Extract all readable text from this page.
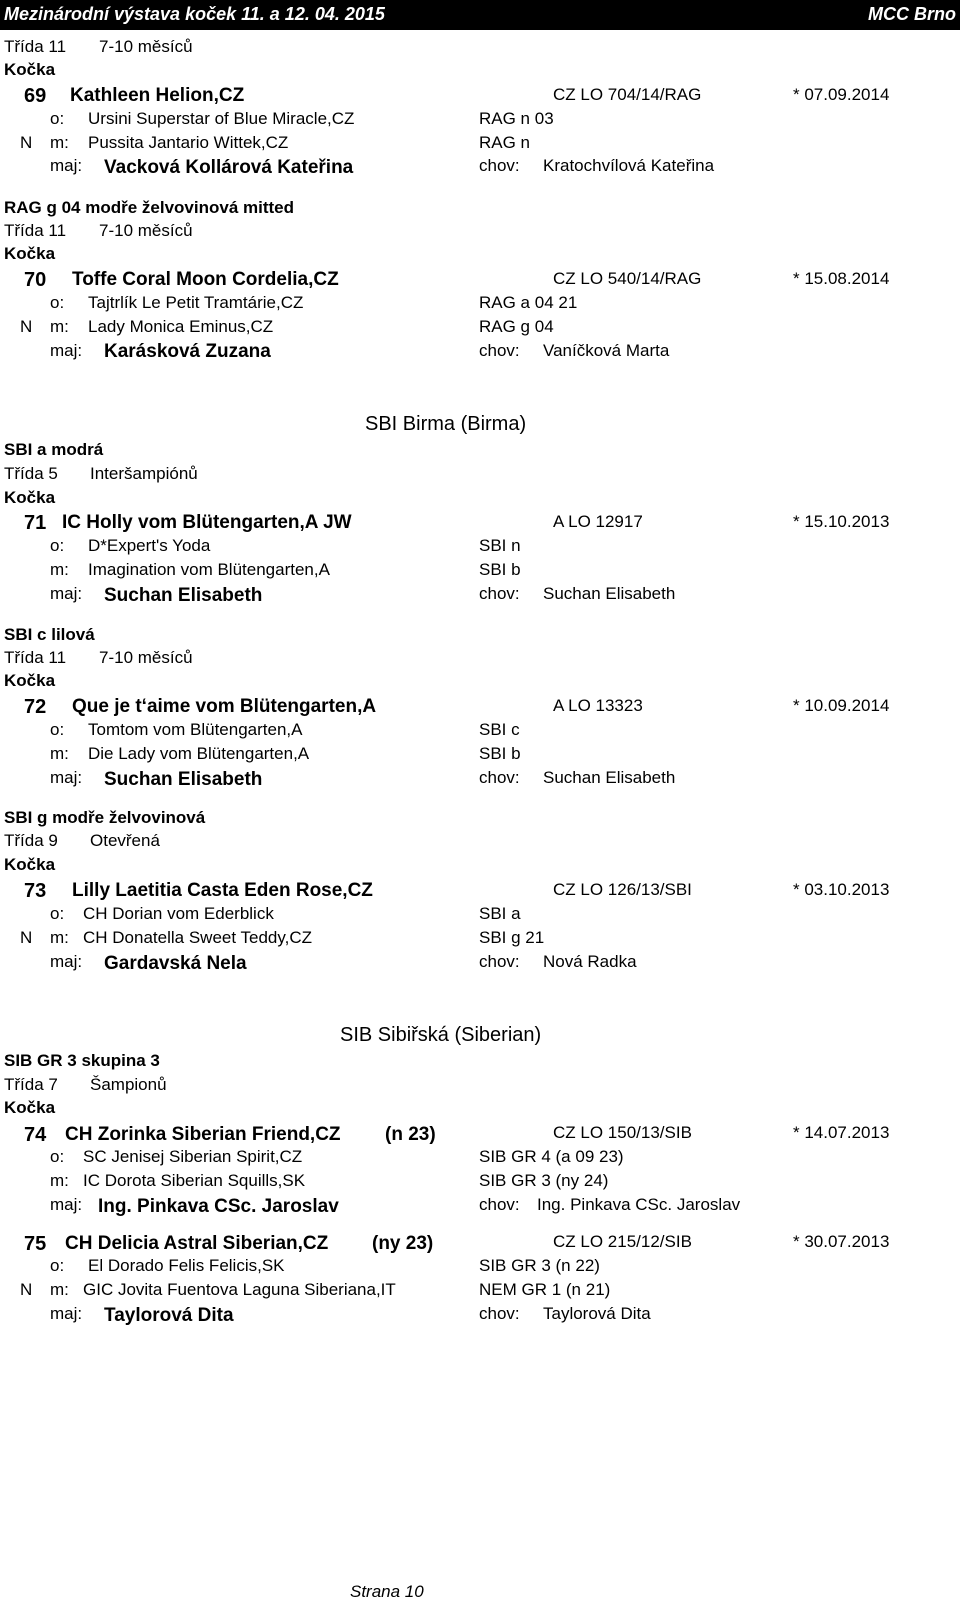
Mezinárodní výstava koček 11. a 12. 04. 2015	MCC Brno
Třída 11 7-10 měsíců
Kočka
69 Kathleen Helion,CZ	CZ LO 704/14/RAG	* 07.09.2014
o: Ursini Superstar of Blue Miracle,CZ	RAG n 03
N m: Pussita Jantario Wittek,CZ	RAG n
maj: Vacková Kollárová Kateřina	chov: Kratochvílová Kateřina
RAG g 04 modře želvovinová mitted
Třída 11 7-10 měsíců
Kočka
70 Toffe Coral Moon Cordelia,CZ	CZ LO 540/14/RAG	* 15.08.2014
o: Tajtrlík Le Petit Tramtárie,CZ	RAG a 04 21
N m: Lady Monica Eminus,CZ	RAG g 04
maj: Karásková Zuzana	chov: Vaníčková Marta
SBI Birma (Birma)
SBI a modrá
Třída 5 Interšampiónů
Kočka
71 IC Holly vom Blütengarten,A JW	A LO 12917	* 15.10.2013
o: D*Expert's Yoda	SBI n
m: Imagination vom Blütengarten,A	SBI b
maj: Suchan Elisabeth	chov: Suchan Elisabeth
SBI c lilová
Třída 11 7-10 měsíců
Kočka
72 Que je t‘aime vom Blütengarten,A	A LO 13323	* 10.09.2014
o: Tomtom vom Blütengarten,A	SBI c
m: Die Lady vom Blütengarten,A	SBI b
maj: Suchan Elisabeth	chov: Suchan Elisabeth
SBI g modře želvovinová
Třída 9 Otevřená
Kočka
73 Lilly Laetitia Casta Eden Rose,CZ	CZ LO 126/13/SBI	* 03.10.2013
o: CH Dorian vom Ederblick	SBI a
N m: CH Donatella Sweet Teddy,CZ	SBI g 21
maj: Gardavská Nela	chov: Nová Radka
SIB Sibiřská (Siberian)
SIB GR 3 skupina 3
Třída 7 Šampionů
Kočka
74 CH Zorinka Siberian Friend,CZ (n 23)	CZ LO 150/13/SIB	* 14.07.2013
o: SC Jenisej Siberian Spirit,CZ	SIB GR 4 (a 09 23)
m: IC Dorota Siberian Squills,SK	SIB GR 3 (ny 24)
maj: Ing. Pinkava CSc. Jaroslav	chov: Ing. Pinkava CSc. Jaroslav
75 CH Delicia Astral Siberian,CZ (ny 23)	CZ LO 215/12/SIB	* 30.07.2013
o: El Dorado Felis Felicis,SK	SIB GR 3 (n 22)
N m: GIC Jovita Fuentova Laguna Siberiana,IT	NEM GR 1 (n 21)
maj: Taylorová Dita	chov: Taylorová Dita
Strana 10
